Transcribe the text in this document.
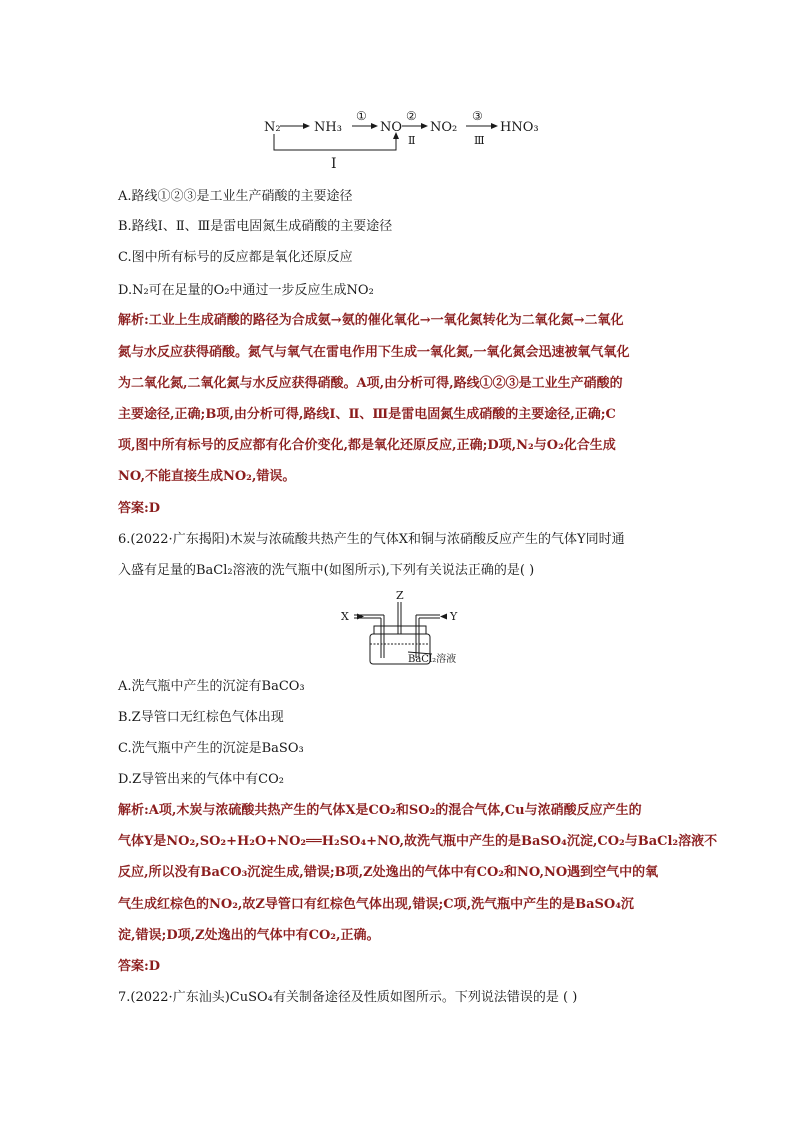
N₂	NH₃	NO NO₂	HNO₃
①	②	③
Ⅱ	Ⅲ
Ⅰ

A.路线①②③是工业生产硝酸的主要途径

B.路线Ⅰ、Ⅱ、Ⅲ是雷电固氮生成硝酸的主要途径

C.图中所有标号的反应都是氧化还原反应

D.N₂可在足量的O₂中通过一步反应生成NO₂

解析:工业上生成硝酸的路径为合成氨→氨的催化氧化→一氧化氮转化为二氧化氮→二氧化

氮与水反应获得硝酸。氮气与氧气在雷电作用下生成一氧化氮,一氧化氮会迅速被氧气氧化

为二氧化氮,二氧化氮与水反应获得硝酸。A项,由分析可得,路线①②③是工业生产硝酸的

主要途径,正确;B项,由分析可得,路线Ⅰ、Ⅱ、Ⅲ是雷电固氮生成硝酸的主要途径,正确;C

项,图中所有标号的反应都有化合价变化,都是氧化还原反应,正确;D项,N₂与O₂化合生成

NO,不能直接生成NO₂,错误。

答案:D

6.(2022·广东揭阳)木炭与浓硫酸共热产生的气体X和铜与浓硝酸反应产生的气体Y同时通

入盛有足量的BaCl₂溶液的洗气瓶中(如图所示),下列有关说法正确的是( )

X	Y
Z
BaCl₂溶液

A.洗气瓶中产生的沉淀有BaCO₃

B.Z导管口无红棕色气体出现

C.洗气瓶中产生的沉淀是BaSO₃

D.Z导管出来的气体中有CO₂

解析:A项,木炭与浓硫酸共热产生的气体X是CO₂和SO₂的混合气体,Cu与浓硝酸反应产生的

气体Y是NO₂,SO₂+H₂O+NO₂══H₂SO₄+NO,故洗气瓶中产生的是BaSO₄沉淀,CO₂与BaCl₂溶液不

反应,所以没有BaCO₃沉淀生成,错误;B项,Z处逸出的气体中有CO₂和NO,NO遇到空气中的氧

气生成红棕色的NO₂,故Z导管口有红棕色气体出现,错误;C项,洗气瓶中产生的是BaSO₄沉

淀,错误;D项,Z处逸出的气体中有CO₂,正确。

答案:D

7.(2022·广东汕头)CuSO₄有关制备途径及性质如图所示。下列说法错误的是 ( )
